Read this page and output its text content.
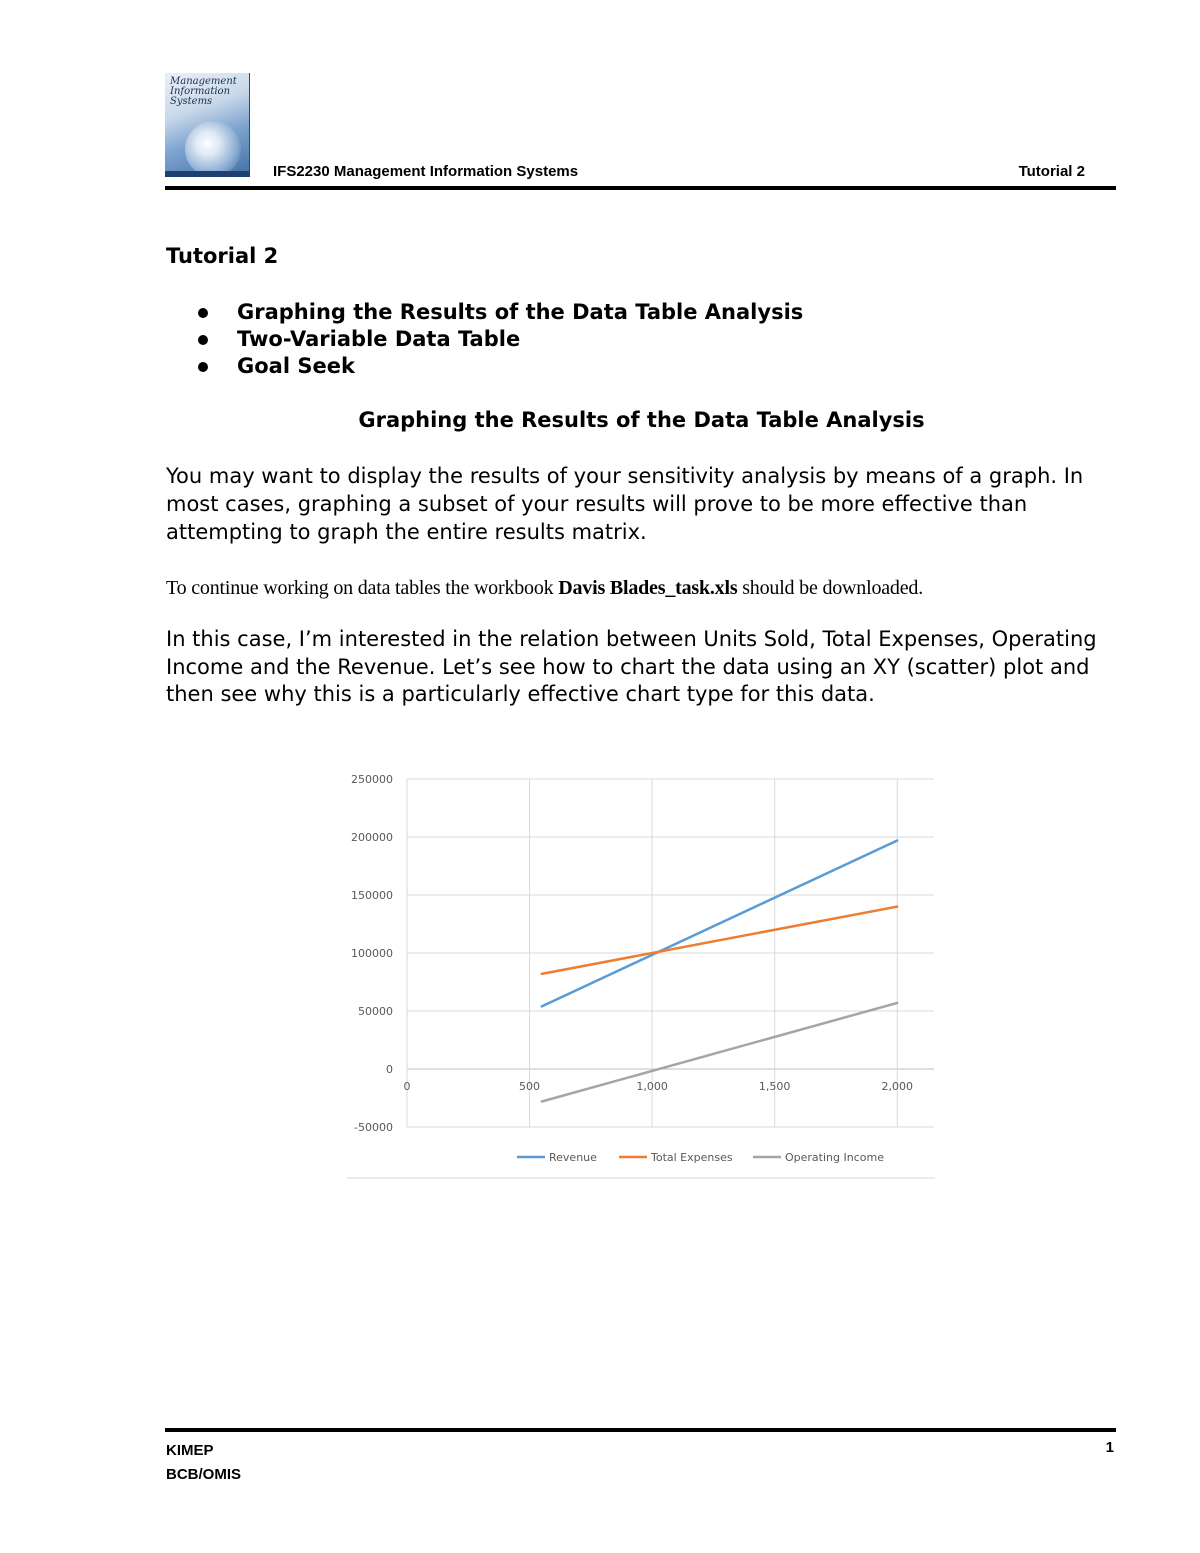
Management
Information
Systems
IFS2230 Management Information Systems	Tutorial 2
Tutorial 2
Graphing the Results of the Data Table Analysis
Two-Variable Data Table
Goal Seek
Graphing the Results of the Data Table Analysis

You may want to display the results of your sensitivity analysis by means of a graph. In most cases, graphing a subset of your results will prove to be more effective than attempting to graph the entire results matrix.

To continue working on data tables the workbook Davis Blades_task.xls should be downloaded.

In this case, I’m interested in the relation between Units Sold, Total Expenses, Operating Income and the Revenue. Let’s see how to chart the data using an XY (scatter) plot and then see why this is a particularly effective chart type for this data.

-50000
0
50000
100000
150000
200000
250000
0	500	1,000	1,500	2,000
Revenue	Total Expenses	Operating Income
KIMEP
BCB/OMIS
1
